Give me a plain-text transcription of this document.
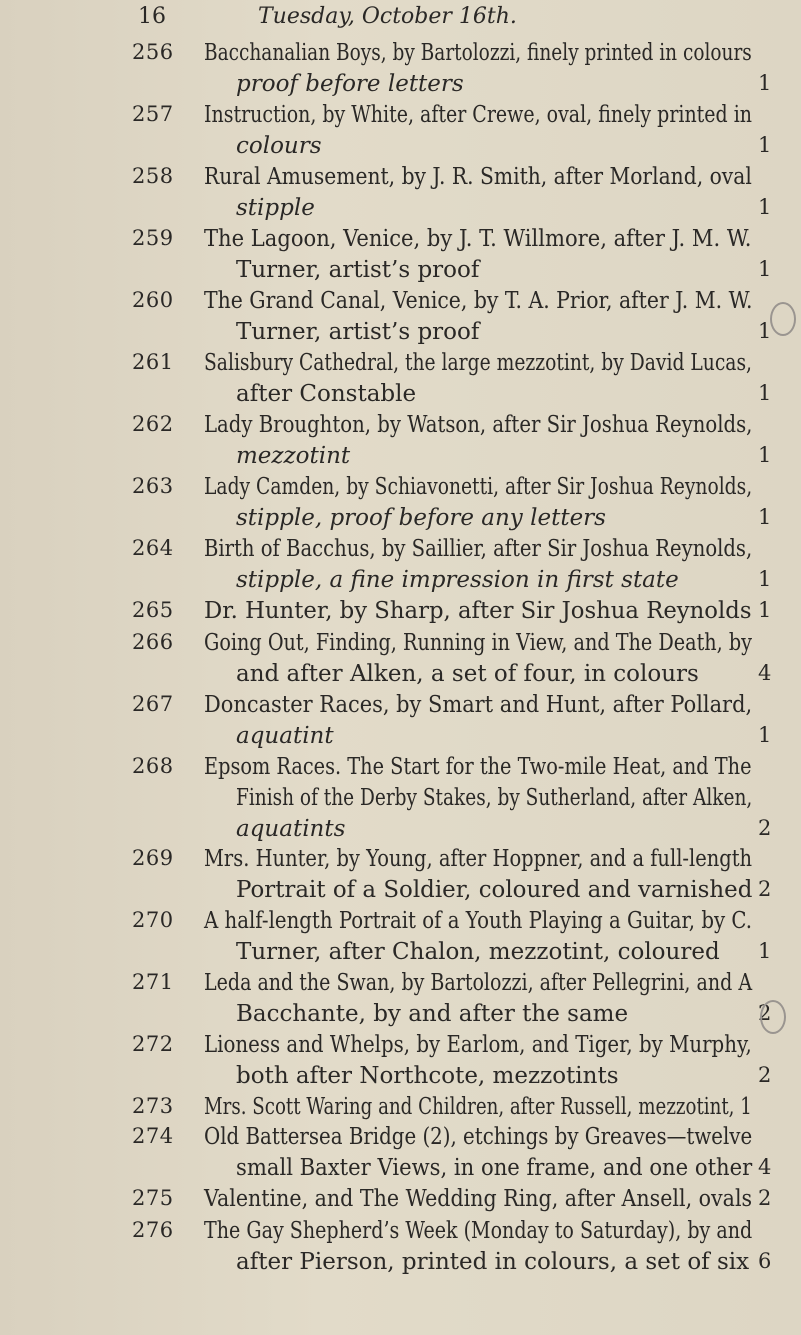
16	Tuesday, October 16th.
256 Bacchanalian Boys, by Bartolozzi, finely printed in colours
proof before letters	1
257 Instruction, by White, after Crewe, oval, finely printed in
colours	1
258 Rural Amusement, by J. R. Smith, after Morland, oval
stipple	1
259 The Lagoon, Venice, by J. T. Willmore, after J. M. W.
Turner, artist’s proof	1
260 The Grand Canal, Venice, by T. A. Prior, after J. M. W.
Turner, artist’s proof	1
261 Salisbury Cathedral, the large mezzotint, by David Lucas,
after Constable	1
262 Lady Broughton, by Watson, after Sir Joshua Reynolds,
mezzotint	1
263 Lady Camden, by Schiavonetti, after Sir Joshua Reynolds,
stipple, proof before any letters	1
264 Birth of Bacchus, by Saillier, after Sir Joshua Reynolds,
stipple, a fine impression in first state	1
265 Dr. Hunter, by Sharp, after Sir Joshua Reynolds 1
266 Going Out, Finding, Running in View, and The Death, by
and after Alken, a set of four, in colours	4
267 Doncaster Races, by Smart and Hunt, after Pollard,
aquatint	1
268 Epsom Races. The Start for the Two-mile Heat, and The
Finish of the Derby Stakes, by Sutherland, after Alken,
aquatints	2
269 Mrs. Hunter, by Young, after Hoppner, and a full-length
Portrait of a Soldier, coloured and varnished 2
270 A half-length Portrait of a Youth Playing a Guitar, by C.
Turner, after Chalon, mezzotint, coloured 1
271 Leda and the Swan, by Bartolozzi, after Pellegrini, and A
Bacchante, by and after the same	2
272 Lioness and Whelps, by Earlom, and Tiger, by Murphy,
both after Northcote, mezzotints	2
273 Mrs. Scott Waring and Children, after Russell, mezzotint, 1
274 Old Battersea Bridge (2), etchings by Greaves—twelve
small Baxter Views, in one frame, and one other 4
275 Valentine, and The Wedding Ring, after Ansell, ovals 2
276 The Gay Shepherd’s Week (Monday to Saturday), by and
after Pierson, printed in colours, a set of six 6
